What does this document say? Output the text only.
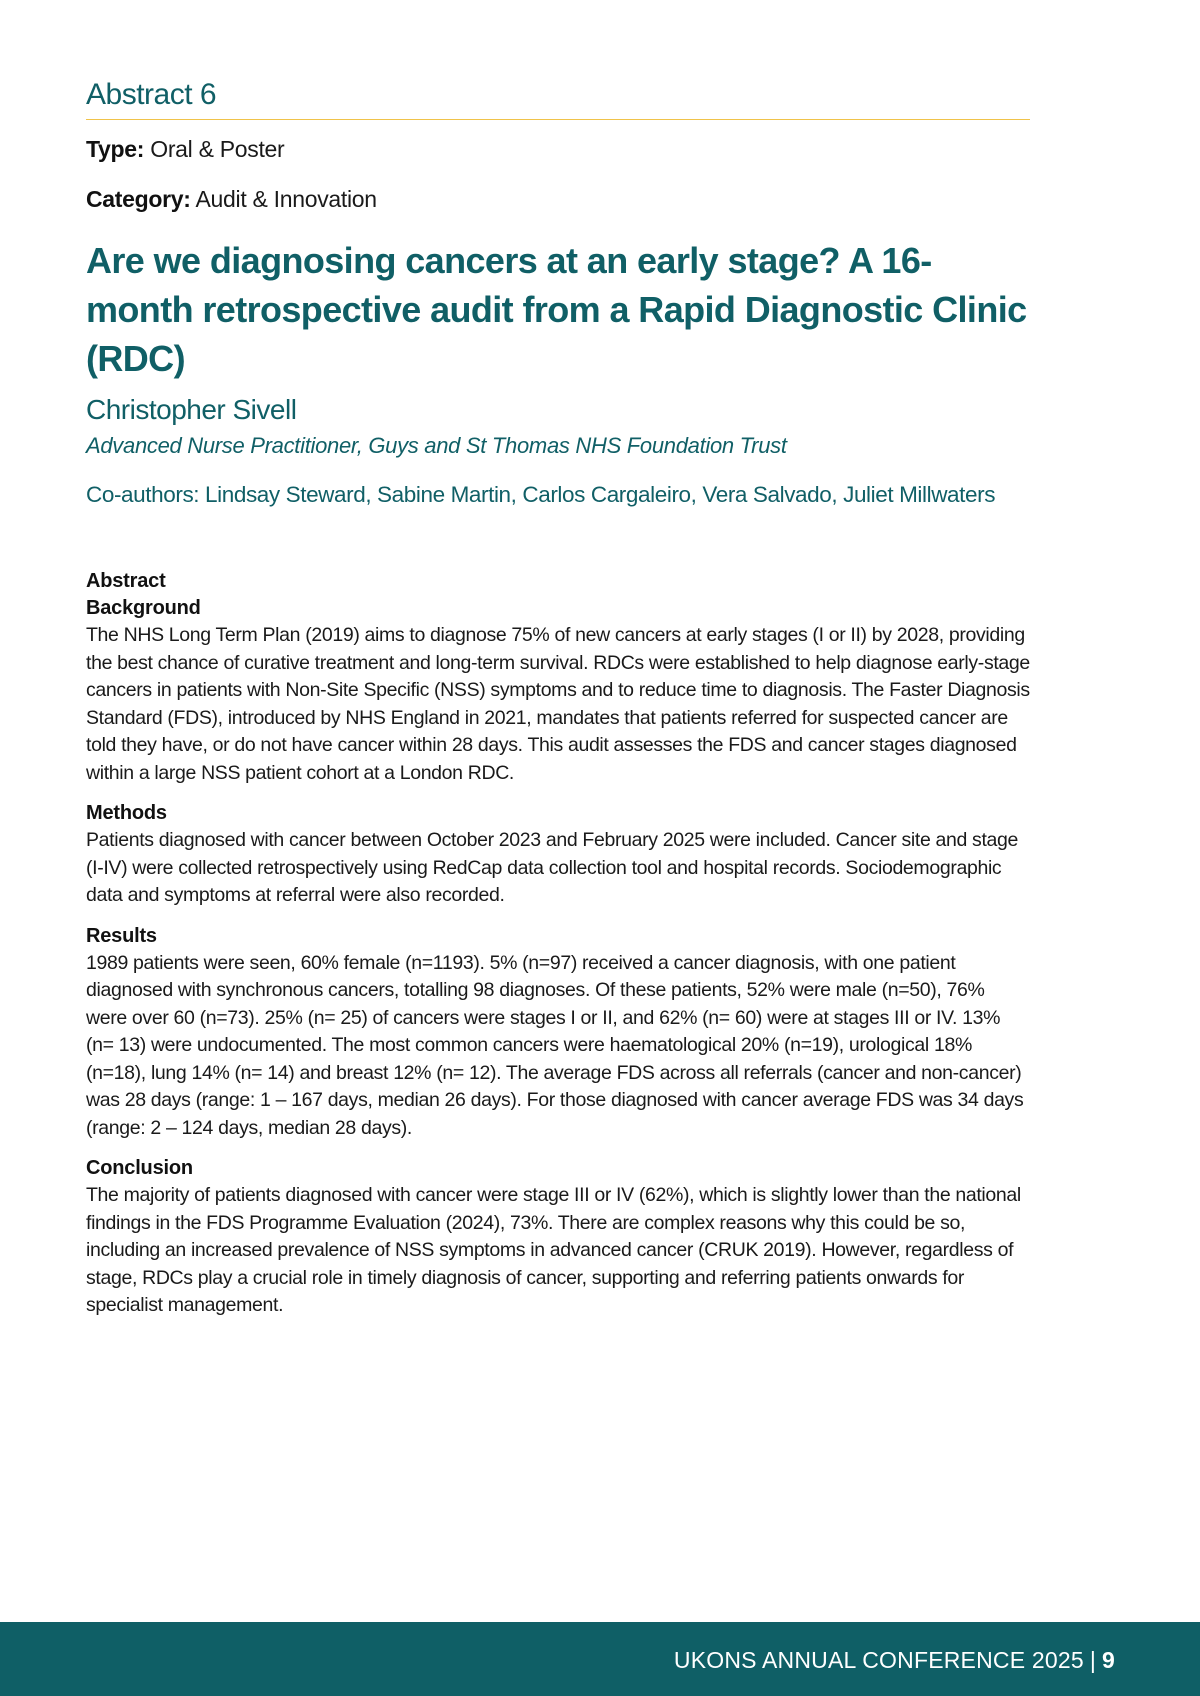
Abstract 6
Type: Oral & Poster
Category: Audit & Innovation
Are we diagnosing cancers at an early stage? A 16-month retrospective audit from a Rapid Diagnostic Clinic (RDC)
Christopher Sivell
Advanced Nurse Practitioner, Guys and St Thomas NHS Foundation Trust
Co-authors: Lindsay Steward, Sabine Martin, Carlos Cargaleiro, Vera Salvado, Juliet Millwaters
Abstract
Background

The NHS Long Term Plan (2019) aims to diagnose 75% of new cancers at early stages (I or II) by 2028, providing the best chance of curative treatment and long-term survival. RDCs were established to help diagnose early-stage cancers in patients with Non-Site Specific (NSS) symptoms and to reduce time to diagnosis. The Faster Diagnosis Standard (FDS), introduced by NHS England in 2021, mandates that patients referred for suspected cancer are told they have, or do not have cancer within 28 days. This audit assesses the FDS and cancer stages diagnosed within a large NSS patient cohort at a London RDC.

Methods

Patients diagnosed with cancer between October 2023 and February 2025 were included. Cancer site and stage (I-IV) were collected retrospectively using RedCap data collection tool and hospital records. Sociodemographic data and symptoms at referral were also recorded.

Results

1989 patients were seen, 60% female (n=1193). 5% (n=97) received a cancer diagnosis, with one patient diagnosed with synchronous cancers, totalling 98 diagnoses. Of these patients, 52% were male (n=50), 76% were over 60 (n=73). 25% (n= 25) of cancers were stages I or II, and 62% (n= 60) were at stages III or IV. 13% (n= 13) were undocumented. The most common cancers were haematological 20% (n=19), urological 18% (n=18), lung 14% (n= 14) and breast 12% (n= 12). The average FDS across all referrals (cancer and non-cancer) was 28 days (range: 1 – 167 days, median 26 days). For those diagnosed with cancer average FDS was 34 days (range: 2 – 124 days, median 28 days).

Conclusion

The majority of patients diagnosed with cancer were stage III or IV (62%), which is slightly lower than the national findings in the FDS Programme Evaluation (2024), 73%. There are complex reasons why this could be so, including an increased prevalence of NSS symptoms in advanced cancer (CRUK 2019). However, regardless of stage, RDCs play a crucial role in timely diagnosis of cancer, supporting and referring patients onwards for specialist management.

UKONS ANNUAL CONFERENCE 2025 | 9
